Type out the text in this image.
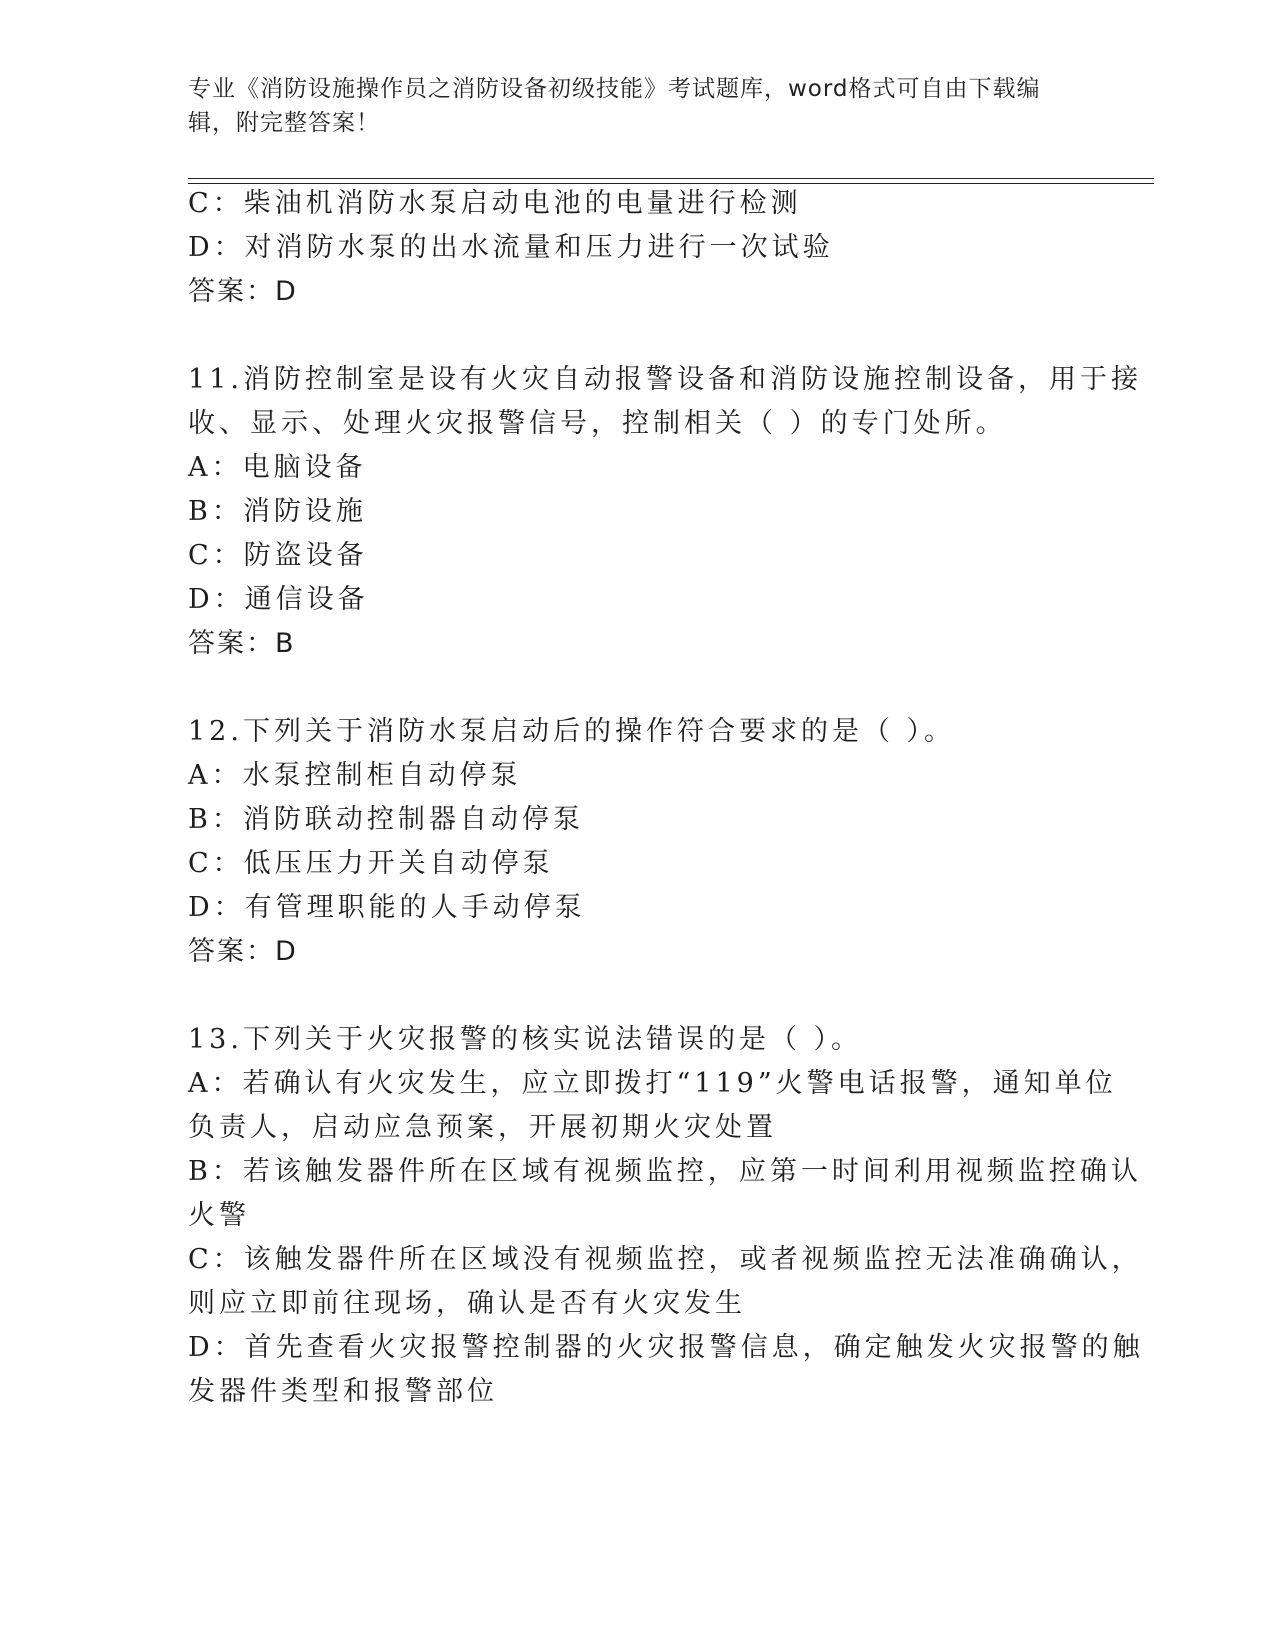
专业《消防设施操作员之消防设备初级技能》考试题库，word格式可自由下载编辑，附完整答案！
C：柴油机消防水泵启动电池的电量进行检测
D：对消防水泵的出水流量和压力进行一次试验
答案：D
11.消防控制室是设有火灾自动报警设备和消防设施控制设备，用于接
收、显示、处理火灾报警信号，控制相关（ ）的专门处所。
A：电脑设备
B：消防设施
C：防盗设备
D：通信设备
答案：B
12.下列关于消防水泵启动后的操作符合要求的是（ ）。
A：水泵控制柜自动停泵
B：消防联动控制器自动停泵
C：低压压力开关自动停泵
D：有管理职能的人手动停泵
答案：D
13.下列关于火灾报警的核实说法错误的是（ ）。
A：若确认有火灾发生，应立即拨打“119”火警电话报警，通知单位
负责人，启动应急预案，开展初期火灾处置
B：若该触发器件所在区域有视频监控，应第一时间利用视频监控确认
火警
C：该触发器件所在区域没有视频监控，或者视频监控无法准确确认，
则应立即前往现场，确认是否有火灾发生
D：首先查看火灾报警控制器的火灾报警信息，确定触发火灾报警的触
发器件类型和报警部位
